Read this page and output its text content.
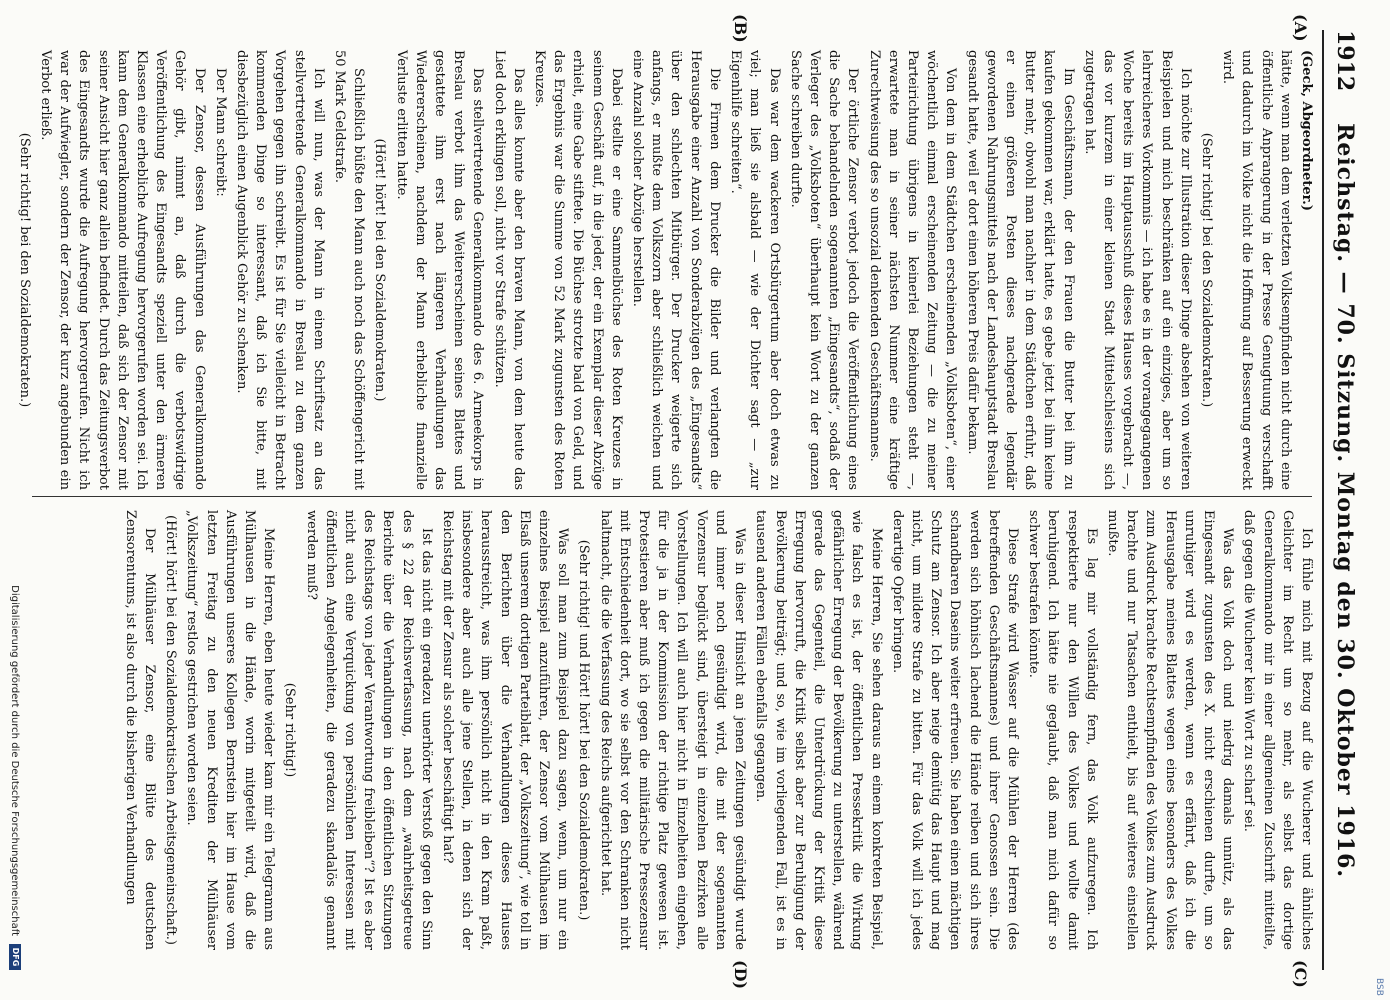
BSB
1912
Reichstag. — 70. Sitzung. Montag den 30. Oktober 1916.
(A)
(B)
(C)
(D)

(Geck, Abgeordneter.)

hätte, wenn man dem verletzten Volksempfinden nicht durch eine öffentliche Anprangerung in der Presse Genugtuung verschafft und dadurch im Volke nicht die Hoffnung auf Besserung erweckt wird.

(Sehr richtig! bei den Sozialdemokraten.)

Ich möchte zur Illustration dieser Dinge absehen von weiteren Beispielen und mich beschränken auf ein einziges, aber um so lehrreicheres Vorkommnis — ich habe es in der vorangegangenen Woche bereits im Hauptausschuß dieses Hauses vorgebracht —, das vor kurzem in einer kleinen Stadt Mittelschlesiens sich zugetragen hat.

Im Geschäftsmann, der den Frauen die Butter bei ihm zu kaufen gekommen war, erklärt hatte, es gebe jetzt bei ihm keine Butter mehr, obwohl man nachher in dem Städtchen erfuhr, daß er einen größeren Posten dieses nachgerade legendär gewordenen Nahrungsmittels nach der Landeshauptstadt Breslau gesandt hatte, weil er dort einen höheren Preis dafür bekam.

Von dem in dem Städtchen erscheinenden „Volksboten“, einer wöchentlich einmal erscheinenden Zeitung — die zu meiner Parteirichtung übrigens in keinerlei Beziehungen steht —, erwartete man in seiner nächsten Nummer eine kräftige Zurechtweisung des so unsozial denkenden Geschäftsmannes.

Der örtliche Zensor verbot jedoch die Veröffentlichung eines die Sache behandelnden sogenannten „Eingesandts“, sodaß der Verleger des „Volksboten“ überhaupt kein Wort zu der ganzen Sache schreiben durfte.

Das war dem wackeren Ortsbürgertum aber doch etwas zu viel; man ließ sie alsbald — wie der Dichter sagt — „zur Eigenhilfe schreiten“.

Die Firmen dem Drucker die Bilder und verlangten die Herausgabe einer Anzahl von Sonderabzügen des „Eingesandts“ über den schlechten Mitbürger. Der Drucker weigerte sich anfangs, er mußte dem Volkszorn aber schließlich weichen und eine Anzahl solcher Abzüge herstellen.

Dabei stellte er eine Sammelbüchse des Roten Kreuzes in seinem Geschäft auf, in die jeder, der ein Exemplar dieser Abzüge erhielt, eine Gabe stiftete. Die Büchse strotzte bald von Geld, und das Ergebnis war die Summe von 52 Mark zugunsten des Roten Kreuzes.

Das alles konnte aber den braven Mann, von dem heute das Lied doch erklingen soll, nicht vor Strafe schützen.

Das stellvertretende Generalkommando des 6. Armeekorps in Breslau verbot ihm das Weitererscheinen seines Blattes und gestattete ihm erst nach längeren Verhandlungen das Wiedererscheinen, nachdem der Mann erhebliche finanzielle Verluste erlitten hatte.

(Hört! hört! bei den Sozialdemokraten.)

Schließlich büßte den Mann auch noch das Schöffengericht mit 50 Mark Geldstrafe.

Ich will nun, was der Mann in einem Schriftsatz an das stellvertretende Generalkommando in Breslau zu dem ganzen Vorgehen gegen ihn schreibt. Es ist für Sie vielleicht in Betracht kommenden Dinge so interessant, daß ich Sie bitte, mit diesbezüglich einen Augenblick Gehör zu schenken.

Der Mann schreibt:

Der Zensor, dessen Ausführungen das Generalkommando Gehör gibt, nimmt an, daß durch die verbotswidrige Veröffentlichung des Eingesandts speziell unter den ärmeren Klassen eine erhebliche Aufregung hervorgerufen worden sei. Ich kann dem Generalkommando mitteilen, daß sich der Zensor mit seiner Ansicht hier ganz allein befindet. Durch das Zeitungsverbot des Eingesandts wurde die Aufregung hervorgerufen. Nicht ich war der Aufwiegler, sondern der Zensor, der kurz angebunden ein Verbot erließ.

(Sehr richtig! bei den Sozialdemokraten.)

Ich fühle mich mit Bezug auf die Wucherer und ähnliches Gelichter im Recht um so mehr, als selbst das dortige Generalkommando mir in einer allgemeinen Zuschrift mitteilte, daß gegen die Wucherer kein Wort zu scharf sei.

Was das Volk doch und niedrig damals unnütz, als das Eingesandt zugunsten des X. nicht erschienen durfte, um so unruhiger wird es werden, wenn es erfährt, daß ich die Herausgabe meines Blattes wegen eines besonders des Volkes zum Ausdruck brachte Rechtsempfinden des Volkes zum Ausdruck brachte und nur Tatsachen enthielt, bis auf weiteres einstellen mußte.

Es lag mir vollständig fern, das Volk aufzuregen. Ich respektierte nur den Willen des Volkes und wollte damit beruhigend. Ich hätte nie geglaubt, daß man mich dafür so schwer bestrafen könnte.

Diese Strafe wird Wasser auf die Mühlen der Herren (des betreffenden Geschäftsmannes) und ihrer Genossen sein. Die werden sich höhnisch lachend die Hände reiben und sich ihres schandbaren Daseins weiter erfreuen. Sie haben einen mächtigen Schutz am Zensor. Ich aber neige demütig das Haupt und mag nicht, um mildere Strafe zu bitten. Für das Volk will ich jedes derartige Opfer bringen.

Meine Herren, Sie sehen daraus an einem konkreten Beispiel, wie falsch es ist, der öffentlichen Pressekritik die Wirkung gefährlicher Erregung der Bevölkerung zu unterstellen, während gerade das Gegenteil, die Unterdrückung der Kritik diese Erregung hervorruft, die Kritik selbst aber zur Beruhigung der Bevölkerung beiträgt; und so, wie im vorliegenden Fall, ist es in tausend anderen Fällen ebenfalls gegangen.

Was in dieser Hinsicht an jenen Zeitungen gesündigt wurde und immer noch gesündigt wird, die mit der sogenannten Vorzensur beglückt sind, übersteigt in einzelnen Bezirken alle Vorstellungen. Ich will auch hier nicht in Einzelheiten eingehen, für die ja in der Kommission der richtige Platz gewesen ist. Protestieren aber muß ich gegen die militärische Pressezensur mit Entschiedenheit dort, wo sie selbst vor den Schranken nicht haltmacht, die die Verfassung des Reichs aufgerichtet hat.

(Sehr richtig! und Hört! hört! bei den Sozialdemokraten.)

Was soll man zum Beispiel dazu sagen, wenn, um nur ein einzelnes Beispiel anzuführen, der Zensor vom Mülhausen im Elsaß unserem dortigen Parteiblatt, der „Volkszeitung“, wie toll in den Berichten über die Verhandlungen dieses Hauses herausstreicht, was ihm persönlich nicht in den Kram paßt, insbesondere aber auch alle jene Stellen, in denen sich der Reichstag mit der Zensur als solcher beschäftigt hat?

Ist das nicht ein geradezu unerhörter Verstoß gegen den Sinn des § 22 der Reichsverfassung, nach dem „wahrheitsgetreue Berichte über die Verhandlungen in den öffentlichen Sitzungen des Reichstags von jeder Verantwortung freibleiben“? Ist es aber nicht auch eine Verquickung von persönlichen Interessen mit öffentlichen Angelegenheiten, die geradezu skandalös genannt werden muß?

(Sehr richtig!)

Meine Herren, eben heute wieder kam mir ein Telegramm aus Mülhausen in die Hände, worin mitgeteilt wird, daß die Ausführungen unseres Kollegen Bernstein hier im Hause vom letzten Freitag zu den neuen Krediten der Mülhäuser „Volkszeitung“ restlos gestrichen worden seien.

(Hört! hört! bei den Sozialdemokratischen Arbeitsgemeinschaft.)

Der Mülhäuser Zensor, eine Blüte des deutschen Zensorentums, ist also durch die bisherigen Verhandlungen

Digitalisierung gefördert durch die Deutsche Forschungsgemeinschaft
DFG
